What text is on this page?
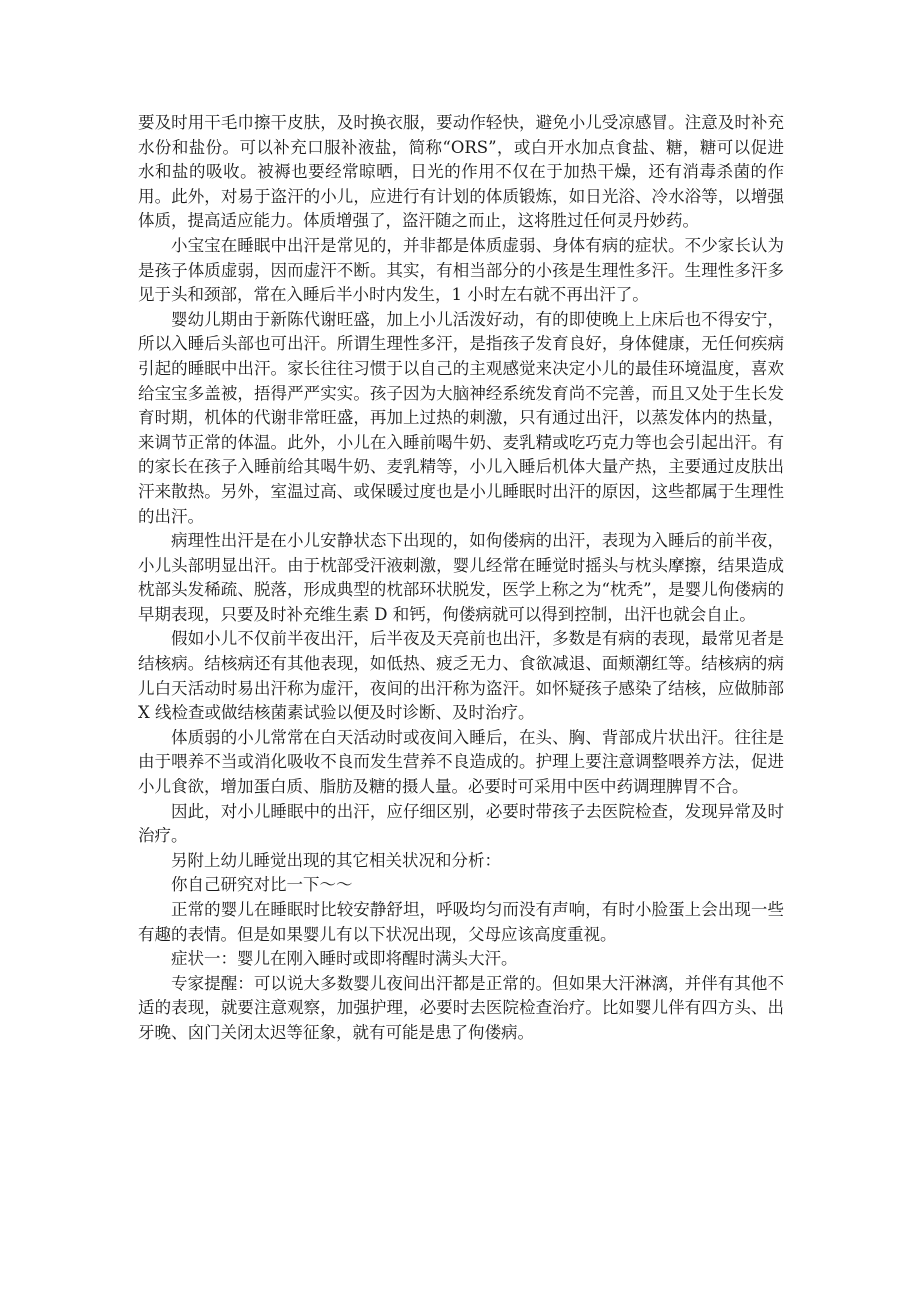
要及时用干毛巾擦干皮肤，及时换衣服，要动作轻快，避免小儿受凉感冒。注意及时补充水份和盐份。可以补充口服补液盐，简称“ORS”，或白开水加点食盐、糖，糖可以促进水和盐的吸收。被褥也要经常晾晒，日光的作用不仅在于加热干燥，还有消毒杀菌的作用。此外，对易于盗汗的小儿，应进行有计划的体质锻炼，如日光浴、冷水浴等，以增强体质，提高适应能力。体质增强了，盗汗随之而止，这将胜过任何灵丹妙药。

小宝宝在睡眠中出汗是常见的，并非都是体质虚弱、身体有病的症状。不少家长认为是孩子体质虚弱，因而虚汗不断。其实，有相当部分的小孩是生理性多汗。生理性多汗多见于头和颈部，常在入睡后半小时内发生，1 小时左右就不再出汗了。

婴幼儿期由于新陈代谢旺盛，加上小儿活泼好动，有的即使晚上上床后也不得安宁，所以入睡后头部也可出汗。所谓生理性多汗，是指孩子发育良好，身体健康，无任何疾病引起的睡眠中出汗。家长往往习惯于以自己的主观感觉来决定小儿的最佳环境温度，喜欢给宝宝多盖被，捂得严严实实。孩子因为大脑神经系统发育尚不完善，而且又处于生长发育时期，机体的代谢非常旺盛，再加上过热的刺激，只有通过出汗，以蒸发体内的热量，来调节正常的体温。此外，小儿在入睡前喝牛奶、麦乳精或吃巧克力等也会引起出汗。有的家长在孩子入睡前给其喝牛奶、麦乳精等，小儿入睡后机体大量产热，主要通过皮肤出汗来散热。另外，室温过高、或保暖过度也是小儿睡眠时出汗的原因，这些都属于生理性的出汗。

病理性出汗是在小儿安静状态下出现的，如佝偻病的出汗，表现为入睡后的前半夜，小儿头部明显出汗。由于枕部受汗液刺激，婴儿经常在睡觉时摇头与枕头摩擦，结果造成枕部头发稀疏、脱落，形成典型的枕部环状脱发，医学上称之为“枕秃”，是婴儿佝偻病的早期表现，只要及时补充维生素 D 和钙，佝偻病就可以得到控制，出汗也就会自止。

假如小儿不仅前半夜出汗，后半夜及天亮前也出汗，多数是有病的表现，最常见者是结核病。结核病还有其他表现，如低热、疲乏无力、食欲减退、面颊潮红等。结核病的病儿白天活动时易出汗称为虚汗，夜间的出汗称为盗汗。如怀疑孩子感染了结核，应做肺部 X 线检查或做结核菌素试验以便及时诊断、及时治疗。

体质弱的小儿常常在白天活动时或夜间入睡后，在头、胸、背部成片状出汗。往往是由于喂养不当或消化吸收不良而发生营养不良造成的。护理上要注意调整喂养方法，促进小儿食欲，增加蛋白质、脂肪及糖的摄人量。必要时可采用中医中药调理脾胃不合。

因此，对小儿睡眠中的出汗，应仔细区别，必要时带孩子去医院检查，发现异常及时治疗。

另附上幼儿睡觉出现的其它相关状况和分析：

你自己研究对比一下～～

正常的婴儿在睡眠时比较安静舒坦，呼吸均匀而没有声响，有时小脸蛋上会出现一些有趣的表情。但是如果婴儿有以下状况出现，父母应该高度重视。

症状一：婴儿在刚入睡时或即将醒时满头大汗。

专家提醒：可以说大多数婴儿夜间出汗都是正常的。但如果大汗淋漓，并伴有其他不适的表现，就要注意观察，加强护理，必要时去医院检查治疗。比如婴儿伴有四方头、出牙晚、囟门关闭太迟等征象，就有可能是患了佝偻病。
